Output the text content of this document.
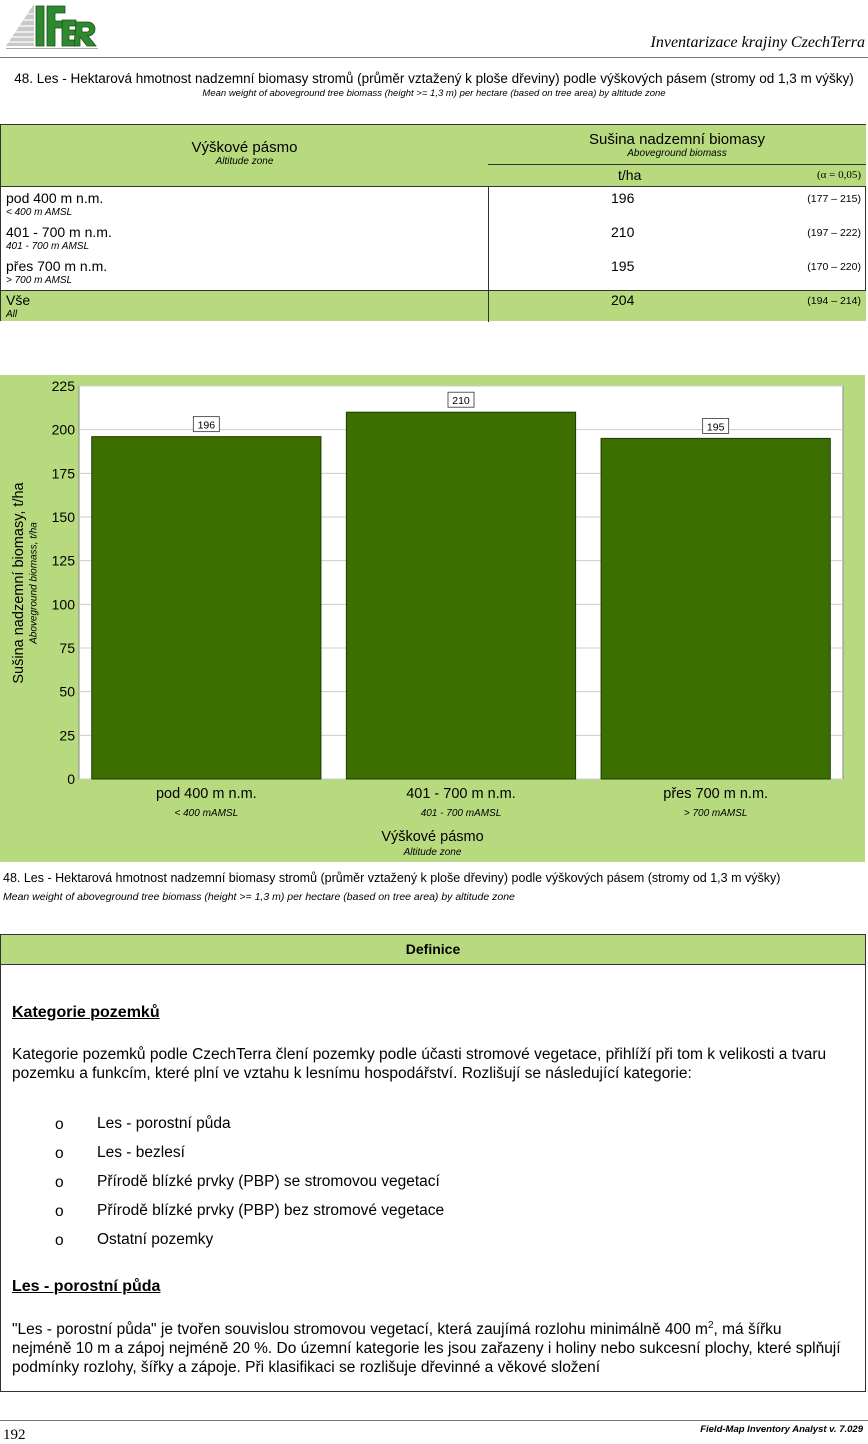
Inventarizace krajiny CzechTerra
48. Les - Hektarová hmotnost nadzemní biomasy stromů (průměr vztažený k ploše dřeviny) podle výškových pásem (stromy od 1,3 m výšky)
Mean weight of aboveground tree biomass (height >= 1,3 m) per hectare (based on tree area) by altitude zone
Výškové pásmo
Altitude zone
Sušina nadzemní biomasy
Aboveground biomass
t/ha	(α = 0,05)
pod 400 m n.m.
< 400 m AMSL
196	(177 – 215)
401 - 700 m n.m.
401 - 700 m AMSL
210	(197 – 222)
přes 700 m n.m.
> 700 m AMSL
195	(170 – 220)
Vše
All
204	(194 – 214)
0
25
50
75
100
125
150
175
200
225
196
pod 400 m n.m.
< 400 mAMSL
210
401 - 700 m n.m.
401 - 700 mAMSL
195
přes 700 m n.m.
> 700 mAMSL
Sušina nadzemní biomasy, t/ha Aboveground biomass, t/ha
Výškové pásmo
Altitude zone
48. Les - Hektarová hmotnost nadzemní biomasy stromů (průměr vztažený k ploše dřeviny) podle výškových pásem (stromy od 1,3 m výšky)
Mean weight of aboveground tree biomass (height >= 1,3 m) per hectare (based on tree area) by altitude zone
Definice
Kategorie pozemků
Kategorie pozemků podle CzechTerra člení pozemky podle účasti stromové vegetace, přihlíží při tom k velikosti a tvaru pozemku a funkcím, které plní ve vztahu k lesnímu hospodářství. Rozlišují se následující kategorie:
o Les - porostní půda
o Les - bezlesí
o Přírodě blízké prvky (PBP) se stromovou vegetací
o Přírodě blízké prvky (PBP) bez stromové vegetace
o Ostatní pozemky
Les - porostní půda
"Les - porostní půda" je tvořen souvislou stromovou vegetací, která zaujímá rozlohu minimálně 400 $m^2$, má šířku nejméně 10 m a zápoj nejméně 20 %. Do územní kategorie les jsou zařazeny i holiny nebo sukcesní plochy, které splňují podmínky rozlohy, šířky a zápoje. Při klasifikaci se rozlišuje dřevinné a věkové složení
192	Field-Map Inventory Analyst v. 7.029
